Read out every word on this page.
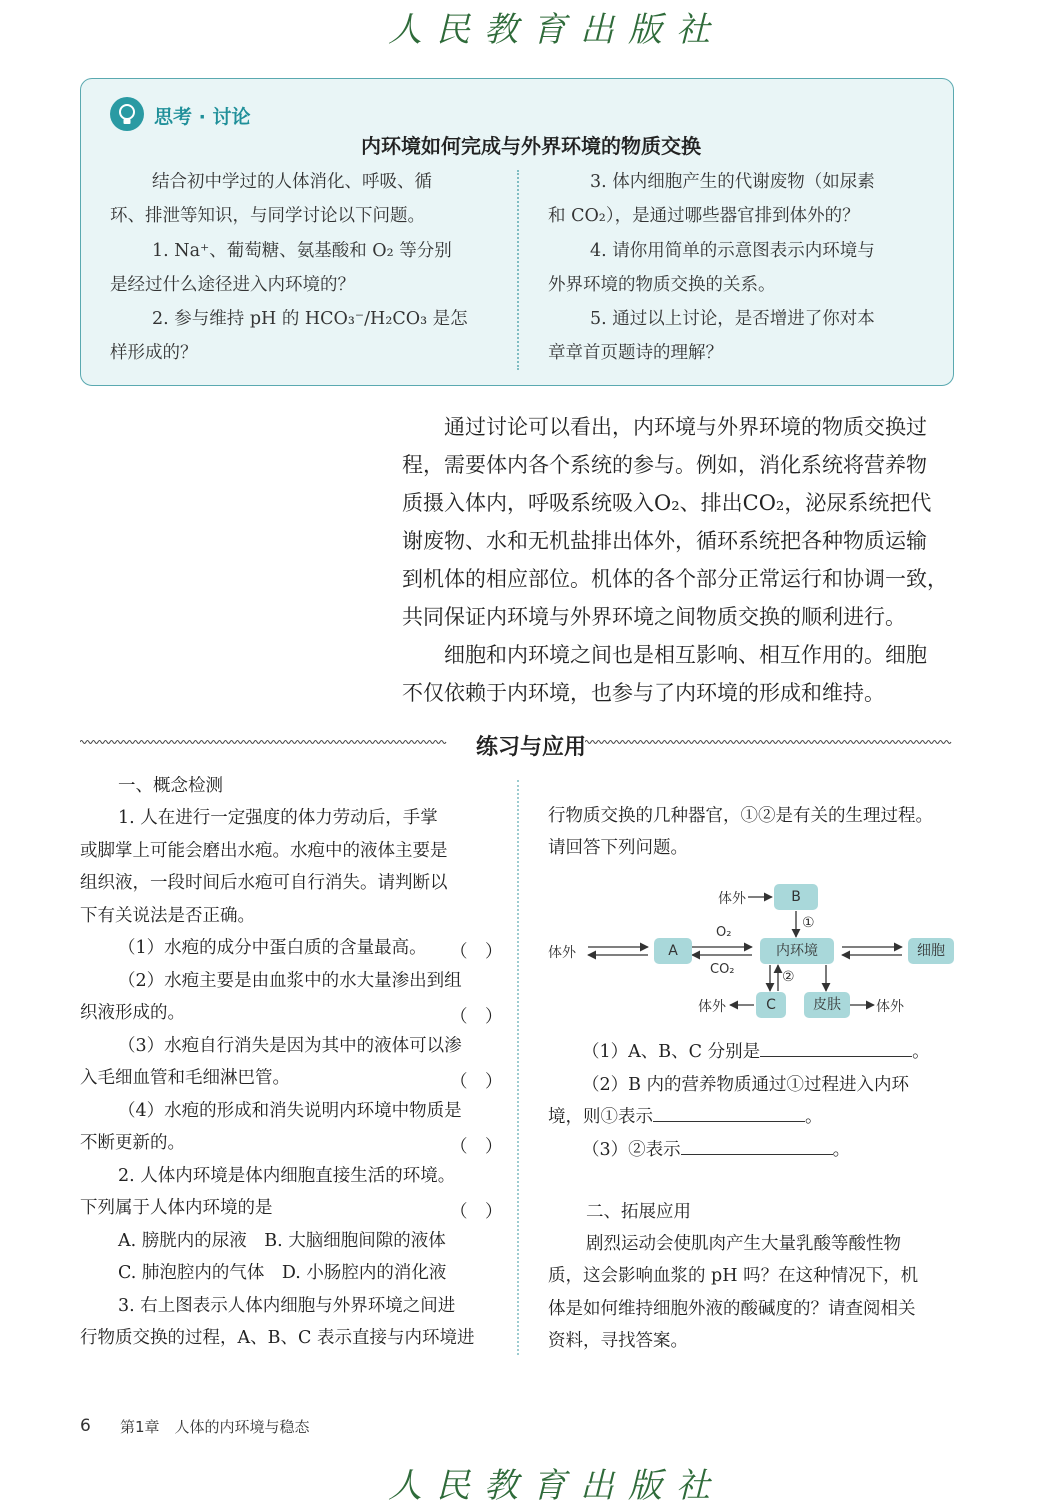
人民教育出版社
思考 · 讨论
内环境如何完成与外界环境的物质交换
结合初中学过的人体消化、呼吸、循
环、排泄等知识，与同学讨论以下问题。
1. Na⁺、葡萄糖、氨基酸和 O₂ 等分别
是经过什么途径进入内环境的？
2. 参与维持 pH 的 HCO₃⁻/H₂CO₃ 是怎
样形成的？
3. 体内细胞产生的代谢废物（如尿素
和 CO₂），是通过哪些器官排到体外的？
4. 请你用简单的示意图表示内环境与
外界环境的物质交换的关系。
5. 通过以上讨论，是否增进了你对本
章章首页题诗的理解？
通过讨论可以看出，内环境与外界环境的物质交换过
程，需要体内各个系统的参与。例如，消化系统将营养物
质摄入体内，呼吸系统吸入O₂、排出CO₂，泌尿系统把代
谢废物、水和无机盐排出体外，循环系统把各种物质运输
到机体的相应部位。机体的各个部分正常运行和协调一致，
共同保证内环境与外界环境之间物质交换的顺利进行。
细胞和内环境之间也是相互影响、相互作用的。细胞
不仅依赖于内环境，也参与了内环境的形成和维持。
练习与应用
一、概念检测
1. 人在进行一定强度的体力劳动后，手掌
或脚掌上可能会磨出水疱。水疱中的液体主要是
组织液，一段时间后水疱可自行消失。请判断以
下有关说法是否正确。
（1）水疱的成分中蛋白质的含量最高。 （　）
（2）水疱主要是由血浆中的水大量渗出到组
织液形成的。	（　）
（3）水疱自行消失是因为其中的液体可以渗
入毛细血管和毛细淋巴管。	（　）
（4）水疱的形成和消失说明内环境中物质是
不断更新的。	（　）
2. 人体内环境是体内细胞直接生活的环境。
下列属于人体内环境的是	（　）
A. 膀胱内的尿液　B. 大脑细胞间隙的液体
C. 肺泡腔内的气体　D. 小肠腔内的消化液
3. 右上图表示人体内细胞与外界环境之间进
行物质交换的过程，A、B、C 表示直接与内环境进
行物质交换的几种器官，①②是有关的生理过程。
请回答下列问题。
体外	B
①
体外	A
O₂
CO₂
内环境	细胞
②
体外	C	皮肤	体外
（1）A、B、C 分别是	。
（2）B 内的营养物质通过①过程进入内环
境，则①表示	。
（3）②表示	。
二、拓展应用
剧烈运动会使肌肉产生大量乳酸等酸性物
质，这会影响血浆的 pH 吗？在这种情况下，机
体是如何维持细胞外液的酸碱度的？请查阅相关
资料，寻找答案。
6 第1章　人体的内环境与稳态
人民教育出版社
